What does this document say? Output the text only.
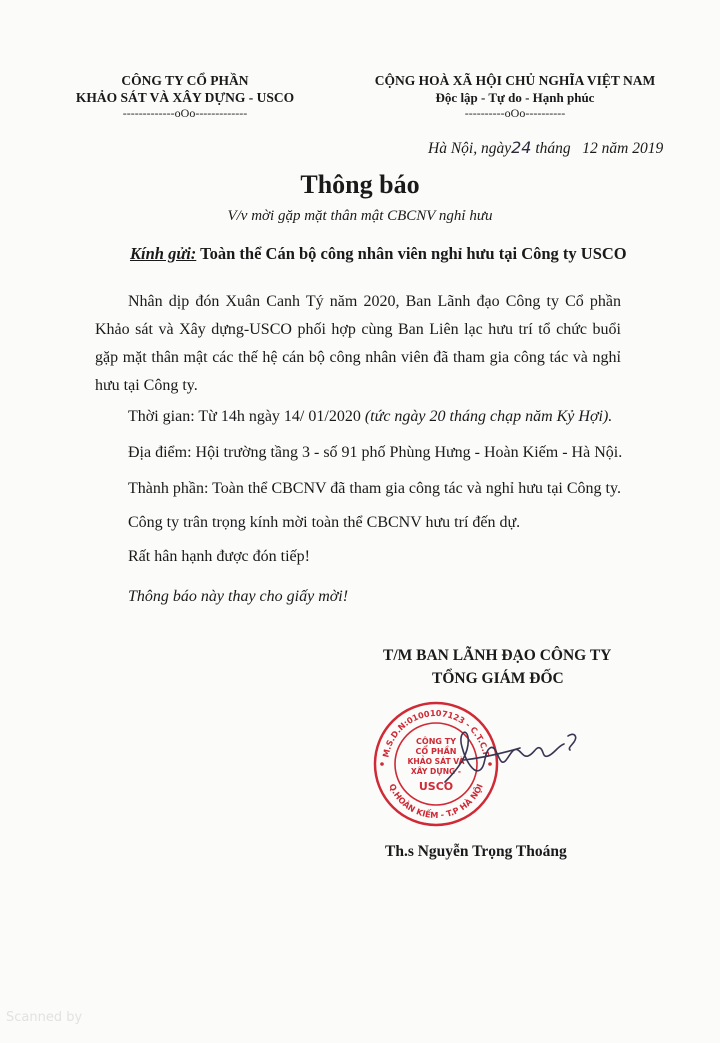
CÔNG TY CỔ PHẦN
KHẢO SÁT VÀ XÂY DỰNG - USCO
-------------oOo-------------
CỘNG HOÀ XÃ HỘI CHỦ NGHĨA VIỆT NAM
Độc lập - Tự do - Hạnh phúc
----------oOo----------
Hà Nội, ngày24 tháng 12 năm 2019
Thông báo
V/v mời gặp mặt thân mật CBCNV nghỉ hưu
Kính gửi: Toàn thể Cán bộ công nhân viên nghỉ hưu tại Công ty USCO
Nhân dịp đón Xuân Canh Tý năm 2020, Ban Lãnh đạo Công ty Cổ phần Khảo sát và Xây dựng-USCO phối hợp cùng Ban Liên lạc hưu trí tổ chức buổi gặp mặt thân mật các thế hệ cán bộ công nhân viên đã tham gia công tác và nghỉ hưu tại Công ty.
Thời gian: Từ 14h ngày 14/ 01/2020 (tức ngày 20 tháng chạp năm Kỷ Hợi).
Địa điểm: Hội trường tầng 3 - số 91 phố Phùng Hưng - Hoàn Kiếm - Hà Nội.
Thành phần: Toàn thể CBCNV đã tham gia công tác và nghỉ hưu tại Công ty.
Công ty trân trọng kính mời toàn thể CBCNV hưu trí đến dự.
Rất hân hạnh được đón tiếp!
Thông báo này thay cho giấy mời!
T/M BAN LÃNH ĐẠO CÔNG TY
TỔNG GIÁM ĐỐC
M.S.D.N:0100107123 - C.T.C.P
Q.HOÀN KIẾM - T.P HÀ NỘI
CÔNG TY
CỔ PHẦN
KHẢO SÁT VÀ
XÂY DỰNG -
USCO
Th.s Nguyễn Trọng Thoáng
Scanned by
